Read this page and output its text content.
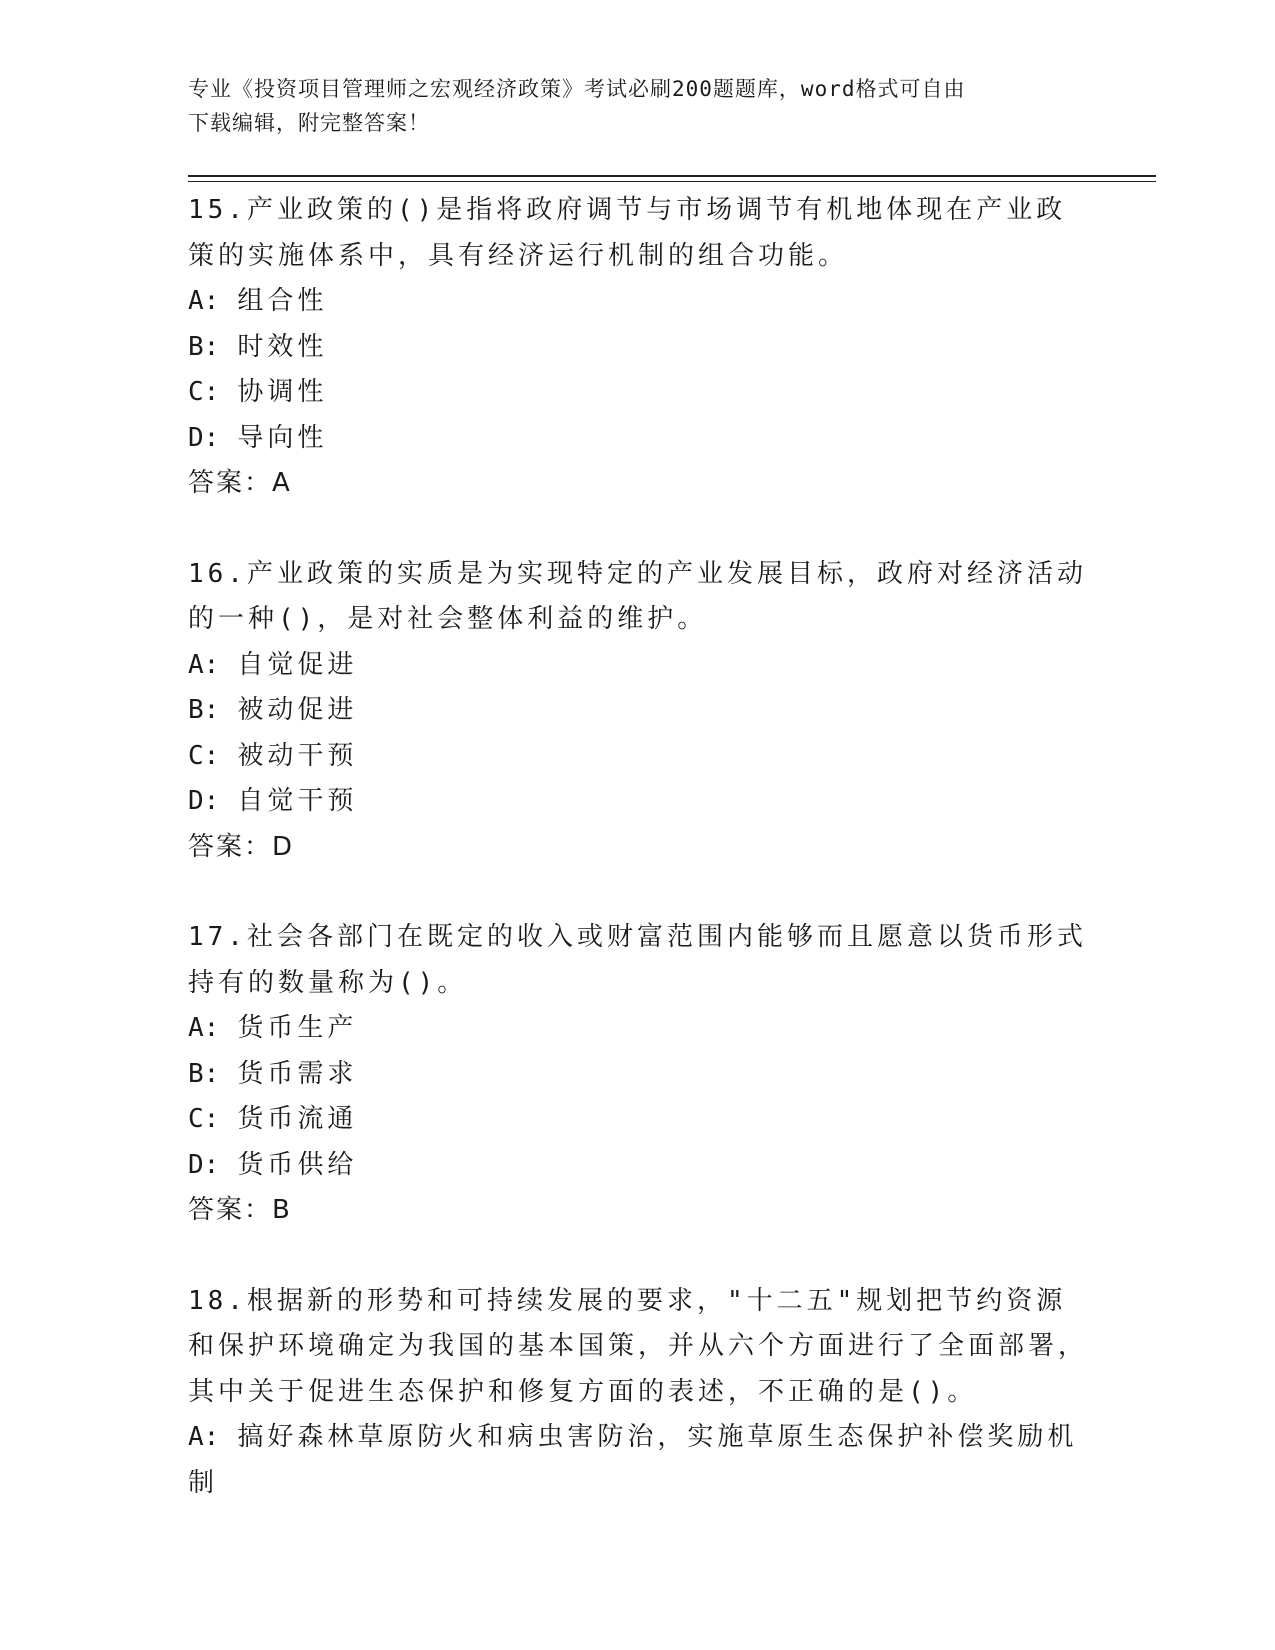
专业《投资项目管理师之宏观经济政策》考试必刷200题题库，word格式可自由
下载编辑，附完整答案！
15.产业政策的()是指将政府调节与市场调节有机地体现在产业政策的实施体系中，具有经济运行机制的组合功能。
A: 组合性
B: 时效性
C: 协调性
D: 导向性
答案：A
16.产业政策的实质是为实现特定的产业发展目标，政府对经济活动的一种()，是对社会整体利益的维护。
A: 自觉促进
B: 被动促进
C: 被动干预
D: 自觉干预
答案：D
17.社会各部门在既定的收入或财富范围内能够而且愿意以货币形式持有的数量称为()。
A: 货币生产
B: 货币需求
C: 货币流通
D: 货币供给
答案：B
18.根据新的形势和可持续发展的要求，"十二五"规划把节约资源和保护环境确定为我国的基本国策，并从六个方面进行了全面部署，其中关于促进生态保护和修复方面的表述，不正确的是()。
A: 搞好森林草原防火和病虫害防治，实施草原生态保护补偿奖励机制
